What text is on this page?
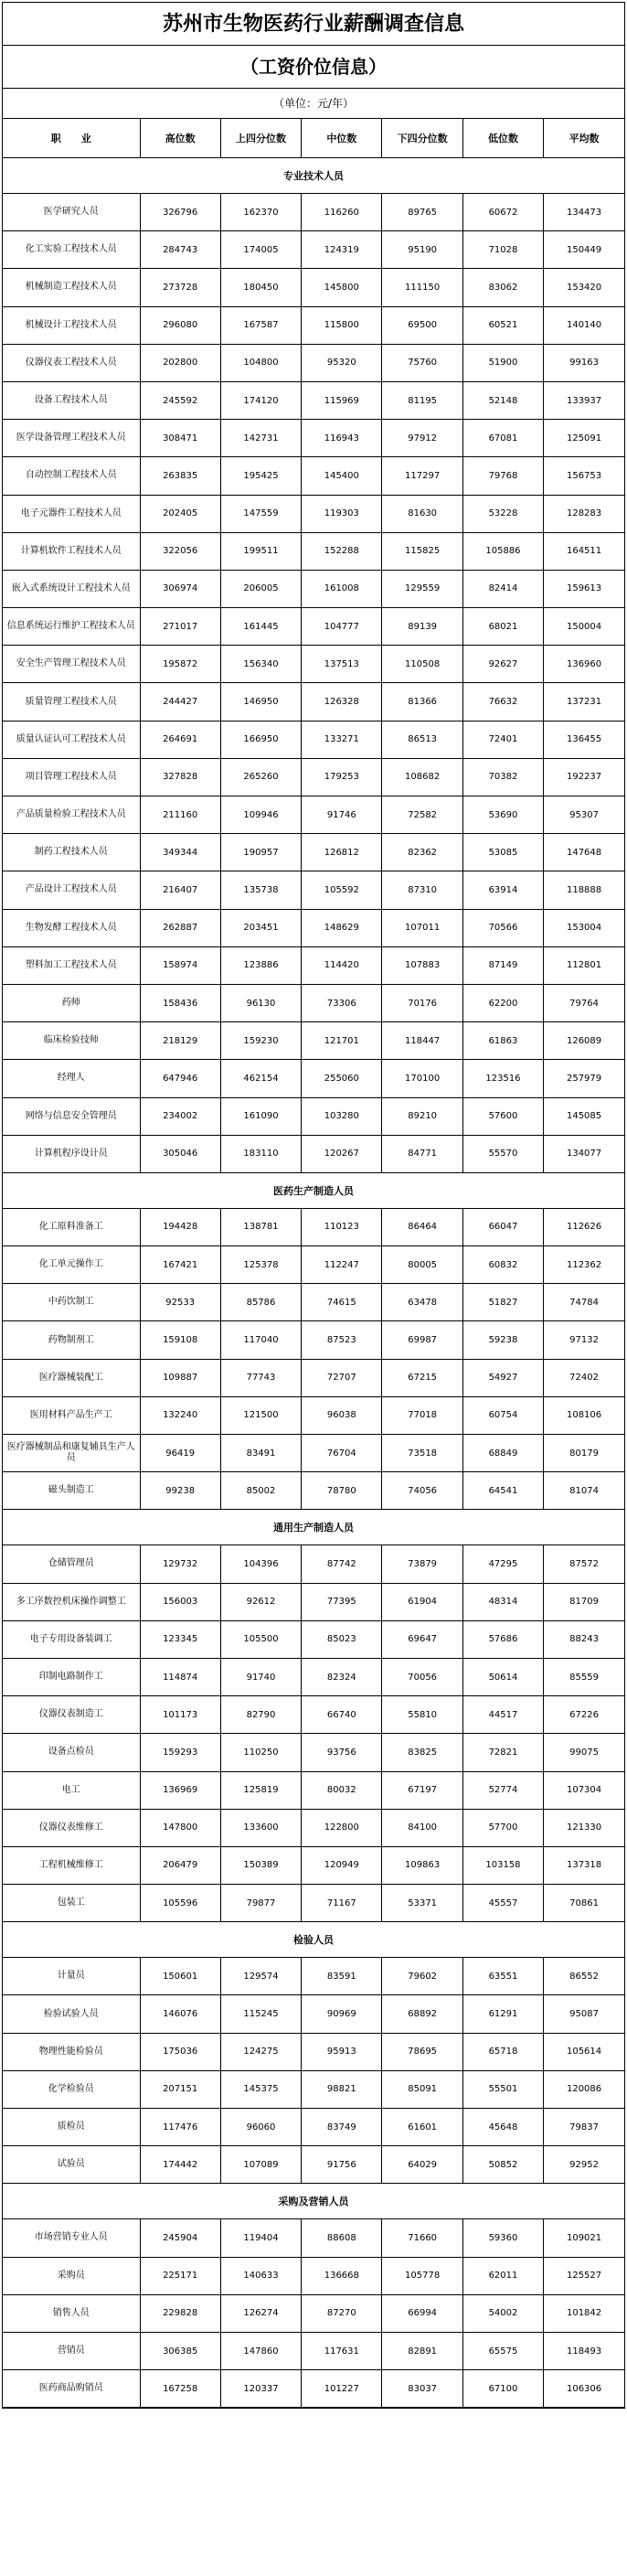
苏州市生物医药行业薪酬调查信息
（工资价位信息）
（单位：元/年）
职　　业	高位数	上四分位数	中位数	下四分位数	低位数	平均数
专业技术人员						
医学研究人员	326796	162370	116260	89765	60672	134473
化工实验工程技术人员	284743	174005	124319	95190	71028	150449
机械制造工程技术人员	273728	180450	145800	111150	83062	153420
机械设计工程技术人员	296080	167587	115800	69500	60521	140140
仪器仪表工程技术人员	202800	104800	95320	75760	51900	99163
设备工程技术人员	245592	174120	115969	81195	52148	133937
医学设备管理工程技术人员	308471	142731	116943	97912	67081	125091
自动控制工程技术人员	263835	195425	145400	117297	79768	156753
电子元器件工程技术人员	202405	147559	119303	81630	53228	128283
计算机软件工程技术人员	322056	199511	152288	115825	105886	164511
嵌入式系统设计工程技术人员	306974	206005	161008	129559	82414	159613
信息系统运行维护工程技术人员	271017	161445	104777	89139	68021	150004
安全生产管理工程技术人员	195872	156340	137513	110508	92627	136960
质量管理工程技术人员	244427	146950	126328	81366	76632	137231
质量认证认可工程技术人员	264691	166950	133271	86513	72401	136455
项目管理工程技术人员	327828	265260	179253	108682	70382	192237
产品质量检验工程技术人员	211160	109946	91746	72582	53690	95307
制药工程技术人员	349344	190957	126812	82362	53085	147648
产品设计工程技术人员	216407	135738	105592	87310	63914	118888
生物发酵工程技术人员	262887	203451	148629	107011	70566	153004
塑料加工工程技术人员	158974	123886	114420	107883	87149	112801
药师	158436	96130	73306	70176	62200	79764
临床检验技师	218129	159230	121701	118447	61863	126089
经理人	647946	462154	255060	170100	123516	257979
网络与信息安全管理员	234002	161090	103280	89210	57600	145085
计算机程序设计员	305046	183110	120267	84771	55570	134077
医药生产制造人员						
化工原料准备工	194428	138781	110123	86464	66047	112626
化工单元操作工	167421	125378	112247	80005	60832	112362
中药饮制工	92533	85786	74615	63478	51827	74784
药物制剂工	159108	117040	87523	69987	59238	97132
医疗器械装配工	109887	77743	72707	67215	54927	72402
医用材料产品生产工	132240	121500	96038	77018	60754	108106
医疗器械制品和康复辅具生产人员	96419	83491	76704	73518	68849	80179
磁头制造工	99238	85002	78780	74056	64541	81074
通用生产制造人员						
仓储管理员	129732	104396	87742	73879	47295	87572
多工序数控机床操作调整工	156003	92612	77395	61904	48314	81709
电子专用设备装调工	123345	105500	85023	69647	57686	88243
印制电路制作工	114874	91740	82324	70056	50614	85559
仪器仪表制造工	101173	82790	66740	55810	44517	67226
设备点检员	159293	110250	93756	83825	72821	99075
电工	136969	125819	80032	67197	52774	107304
仪器仪表维修工	147800	133600	122800	84100	57700	121330
工程机械维修工	206479	150389	120949	109863	103158	137318
包装工	105596	79877	71167	53371	45557	70861
检验人员						
计量员	150601	129574	83591	79602	63551	86552
检验试验人员	146076	115245	90969	68892	61291	95087
物理性能检验员	175036	124275	95913	78695	65718	105614
化学检验员	207151	145375	98821	85091	55501	120086
质检员	117476	96060	83749	61601	45648	79837
试验员	174442	107089	91756	64029	50852	92952
采购及营销人员						
市场营销专业人员	245904	119404	88608	71660	59360	109021
采购员	225171	140633	136668	105778	62011	125527
销售人员	229828	126274	87270	66994	54002	101842
营销员	306385	147860	117631	82891	65575	118493
医药商品购销员	167258	120337	101227	83037	67100	106306
